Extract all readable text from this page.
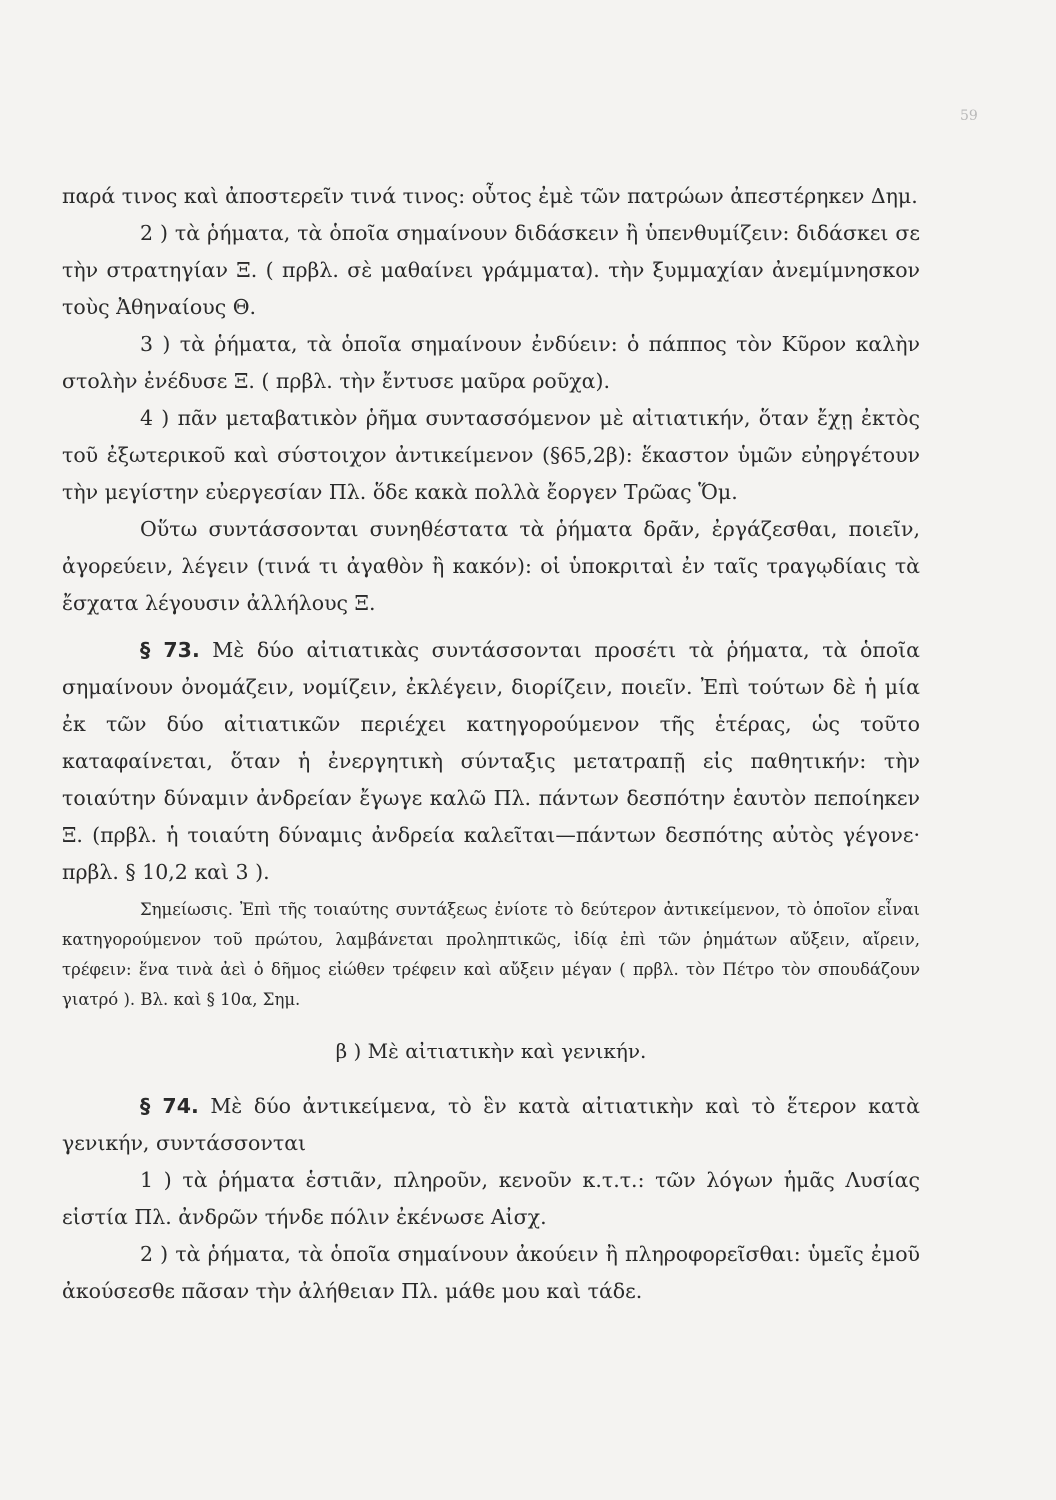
59

παρά τινος καὶ ἀποστερεῖν τινά τινος: οὗτος ἐμὲ τῶν πατρώων ἀπεστέρηκεν Δημ.

2 ) τὰ ῥήματα, τὰ ὁποῖα σημαίνουν διδάσκειν ἢ ὑπενθυμίζειν: διδάσκει σε τὴν στρατηγίαν Ξ. ( πρβλ. σὲ μαθαίνει γράμματα). τὴν ξυμμαχίαν ἀνεμίμνησκον τοὺς Ἀθηναίους Θ.

3 ) τὰ ῥήματα, τὰ ὁποῖα σημαίνουν ἐνδύειν: ὁ πάππος τὸν Κῦρον καλὴν στολὴν ἐνέδυσε Ξ. ( πρβλ. τὴν ἔντυσε μαῦρα ροῦχα).

4 ) πᾶν μεταβατικὸν ῥῆμα συντασσόμενον μὲ αἰτιατικήν, ὅταν ἔχῃ ἐκτὸς τοῦ ἐξωτερικοῦ καὶ σύστοιχον ἀντικείμενον (§65,2β): ἕκαστον ὑμῶν εὐηργέτουν τὴν μεγίστην εὐεργεσίαν Πλ. ὅδε κακὰ πολλὰ ἔοργεν Τρῶας Ὅμ.

Οὕτω συντάσσονται συνηθέστατα τὰ ῥήματα δρᾶν, ἐργάζεσθαι, ποιεῖν, ἀγορεύειν, λέγειν (τινά τι ἀγαθὸν ἢ κακόν): οἱ ὑποκριταὶ ἐν ταῖς τραγῳδίαις τὰ ἔσχατα λέγουσιν ἀλλήλους Ξ.

§ 73. Μὲ δύο αἰτιατικὰς συντάσσονται προσέτι τὰ ῥήματα, τὰ ὁποῖα σημαίνουν ὀνομάζειν, νομίζειν, ἐκλέγειν, διορίζειν, ποιεῖν. Ἐπὶ τούτων δὲ ἡ μία ἐκ τῶν δύο αἰτιατικῶν περιέχει κατηγορούμενον τῆς ἑτέρας, ὡς τοῦτο καταφαίνεται, ὅταν ἡ ἐνεργητικὴ σύνταξις μετατραπῇ εἰς παθητικήν: τὴν τοιαύτην δύναμιν ἀνδρείαν ἔγωγε καλῶ Πλ. πάντων δεσπότην ἑαυτὸν πεποίηκεν Ξ. (πρβλ. ἡ τοιαύτη δύναμις ἀνδρεία καλεῖται—πάντων δεσπότης αὐτὸς γέγονε· πρβλ. § 10,2 καὶ 3 ).

Σημείωσις. Ἐπὶ τῆς τοιαύτης συντάξεως ἐνίοτε τὸ δεύτερον ἀντικείμενον, τὸ ὁποῖον εἶναι κατηγορούμενον τοῦ πρώτου, λαμβάνεται προληπτικῶς, ἰδίᾳ ἐπὶ τῶν ῥημάτων αὔξειν, αἴρειν, τρέφειν: ἕνα τινὰ ἀεὶ ὁ δῆμος εἰώθεν τρέφειν καὶ αὔξειν μέγαν ( πρβλ. τὸν Πέτρο τὸν σπουδάζουν γιατρό ). Βλ. καὶ § 10α, Σημ.

β ) Μὲ αἰτιατικὴν καὶ γενικήν.

§ 74. Μὲ δύο ἀντικείμενα, τὸ ἓν κατὰ αἰτιατικὴν καὶ τὸ ἕτερον κατὰ γενικήν, συντάσσονται

1 ) τὰ ῥήματα ἑστιᾶν, πληροῦν, κενοῦν κ.τ.τ.: τῶν λόγων ἡμᾶς Λυσίας εἱστία Πλ. ἀνδρῶν τήνδε πόλιν ἐκένωσε Αἰσχ.

2 ) τὰ ῥήματα, τὰ ὁποῖα σημαίνουν ἀκούειν ἢ πληροφορεῖσθαι: ὑμεῖς ἐμοῦ ἀκούσεσθε πᾶσαν τὴν ἀλήθειαν Πλ. μάθε μου καὶ τάδε.
